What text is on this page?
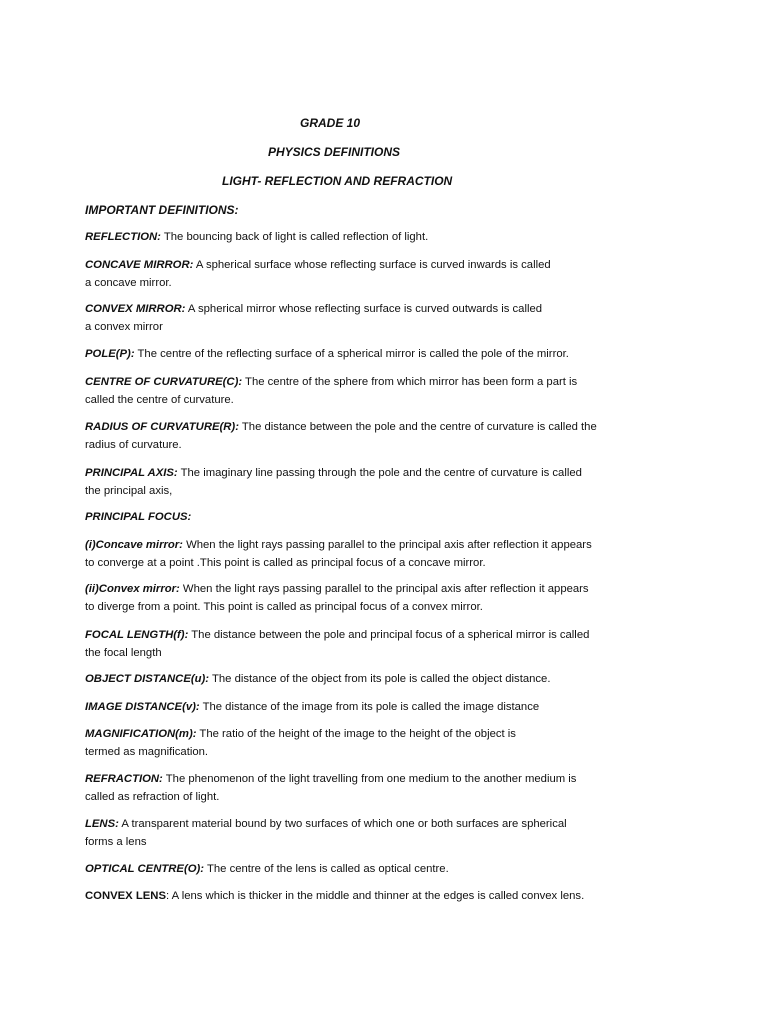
GRADE 10
PHYSICS DEFINITIONS
LIGHT- REFLECTION AND REFRACTION
IMPORTANT DEFINITIONS:
REFLECTION: The bouncing back of light is called reflection of light.
CONCAVE MIRROR: A spherical surface whose reflecting surface is curved inwards is called
a concave mirror.
CONVEX MIRROR: A spherical mirror whose reflecting surface is curved outwards is called
a convex mirror
POLE(P): The centre of the reflecting surface of a spherical mirror is called the pole of the mirror.
CENTRE OF CURVATURE(C): The centre of the sphere from which mirror has been form a part is
called the centre of curvature.
RADIUS OF CURVATURE(R): The distance between the pole and the centre of curvature is called the
radius of curvature.
PRINCIPAL AXIS: The imaginary line passing through the pole and the centre of curvature is called
the principal axis,
PRINCIPAL FOCUS:
(i)Concave mirror: When the light rays passing parallel to the principal axis after reflection it appears
to converge at a point .This point is called as principal focus of a concave mirror.
(ii)Convex mirror: When the light rays passing parallel to the principal axis after reflection it appears
to diverge from a point. This point is called as principal focus of a convex mirror.
FOCAL LENGTH(f): The distance between the pole and principal focus of a spherical mirror is called
the focal length
OBJECT DISTANCE(u): The distance of the object from its pole is called the object distance.
IMAGE DISTANCE(v): The distance of the image from its pole is called the image distance
MAGNIFICATION(m): The ratio of the height of the image to the height of the object is
termed as magnification.
REFRACTION: The phenomenon of the light travelling from one medium to the another medium is
called as refraction of light.
LENS: A transparent material bound by two surfaces of which one or both surfaces are spherical
forms a lens
OPTICAL CENTRE(O): The centre of the lens is called as optical centre.
CONVEX LENS: A lens which is thicker in the middle and thinner at the edges is called convex lens.
